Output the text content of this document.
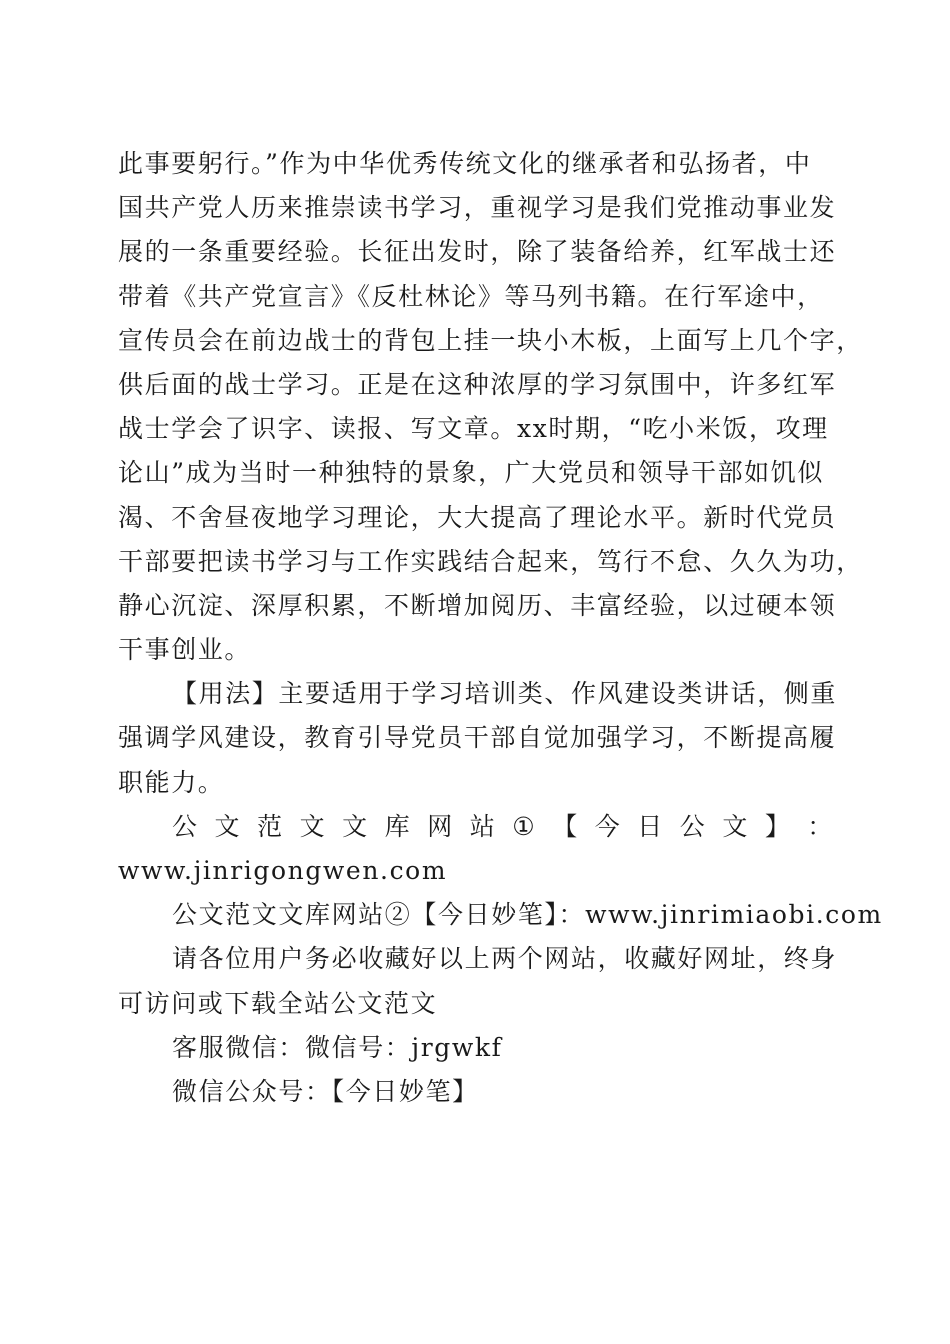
此事要躬行。”作为中华优秀传统文化的继承者和弘扬者，中
国共产党人历来推崇读书学习，重视学习是我们党推动事业发
展的一条重要经验。长征出发时，除了装备给养，红军战士还
带着《共产党宣言》《反杜林论》等马列书籍。在行军途中，
宣传员会在前边战士的背包上挂一块小木板，上面写上几个字，
供后面的战士学习。正是在这种浓厚的学习氛围中，许多红军
战士学会了识字、读报、写文章。xx时期，“吃小米饭，攻理
论山”成为当时一种独特的景象，广大党员和领导干部如饥似
渴、不舍昼夜地学习理论，大大提高了理论水平。新时代党员
干部要把读书学习与工作实践结合起来，笃行不怠、久久为功，
静心沉淀、深厚积累，不断增加阅历、丰富经验，以过硬本领
干事创业。
【用法】主要适用于学习培训类、作风建设类讲话，侧重
强调学风建设，教育引导党员干部自觉加强学习，不断提高履
职能力。
公 文 范 文 文 库 网 站 ① 【 今 日 公 文 】 ：
www.jinrigongwen.com
公文范文文库网站②【今日妙笔】：www.jinrimiaobi.com
请各位用户务必收藏好以上两个网站，收藏好网址，终身
可访问或下载全站公文范文
客服微信：微信号：jrgwkf
微信公众号：【今日妙笔】
